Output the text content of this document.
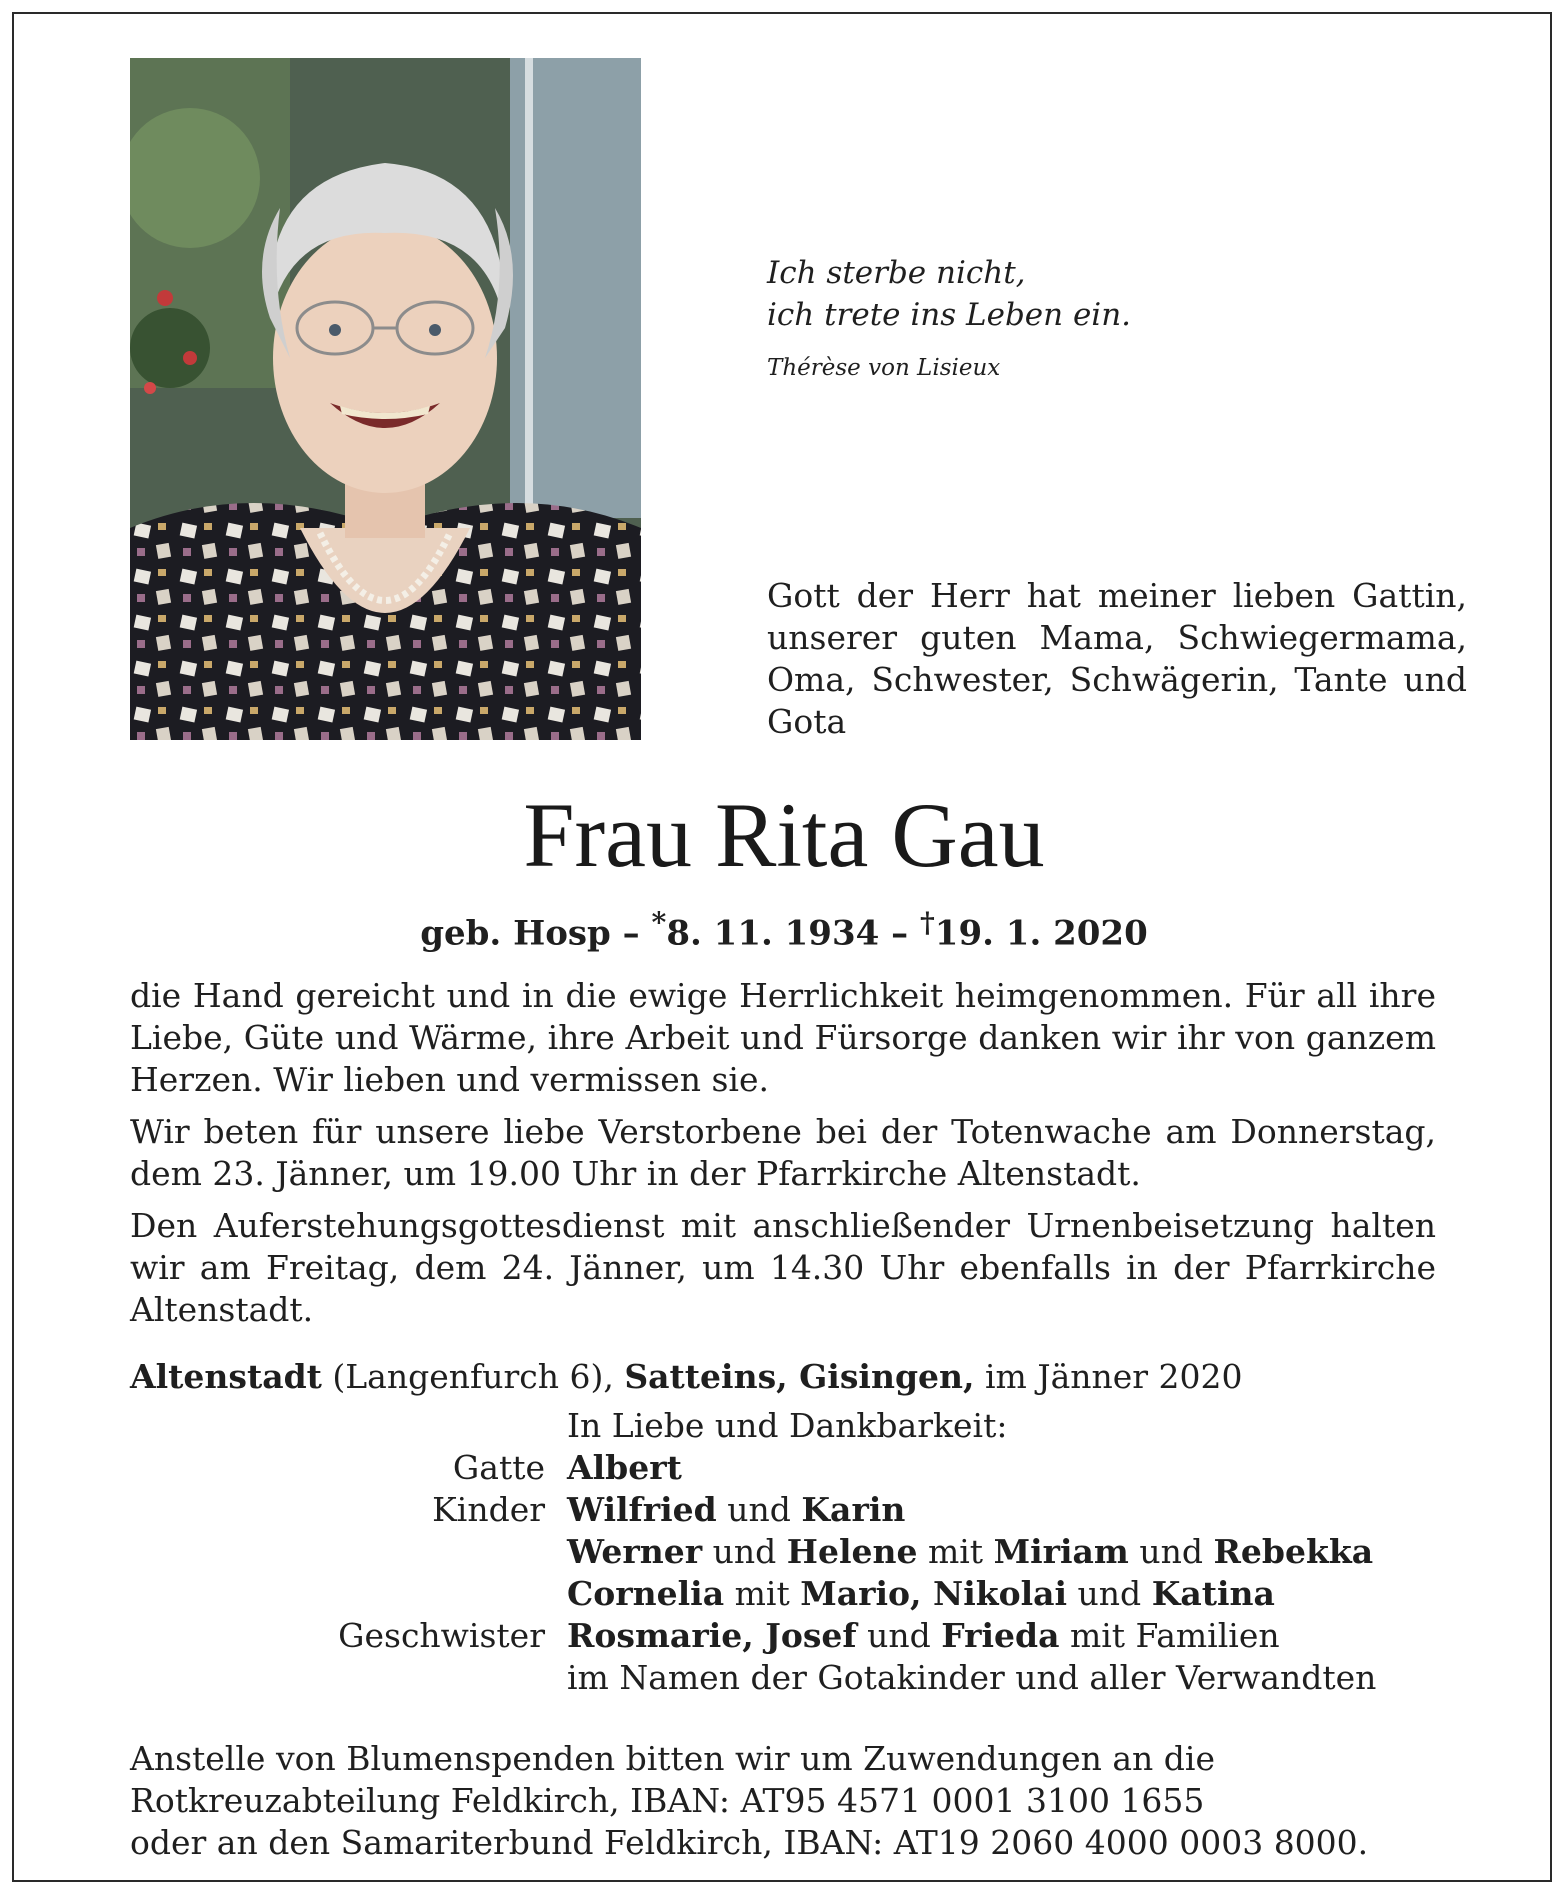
Ich sterbe nicht,
ich trete ins Leben ein.
Thérèse von Lisieux
Gott der Herr hat meiner lieben Gattin, unserer guten Mama, Schwiegermama, Oma, Schwester, Schwägerin, Tante und Gota
Frau Rita Gau
geb. Hosp – *8. 11. 1934 – †19. 1. 2020

die Hand gereicht und in die ewige Herrlichkeit heimgenommen. Für all ihre Liebe, Güte und Wärme, ihre Arbeit und Fürsorge danken wir ihr von ganzem Herzen. Wir lieben und vermissen sie.

Wir beten für unsere liebe Verstorbene bei der Totenwache am Donnerstag, dem 23. Jänner, um 19.00 Uhr in der Pfarrkirche Altenstadt.

Den Auferstehungsgottesdienst mit anschließender Urnenbeisetzung halten wir am Freitag, dem 24. Jänner, um 14.30 Uhr ebenfalls in der Pfarrkirche Altenstadt.

Altenstadt (Langenfurch 6), Satteins, Gisingen, im Jänner 2020
In Liebe und Dankbarkeit:
Gatte Albert
Kinder Wilfried und Karin
Werner und Helene mit Miriam und Rebekka
Cornelia mit Mario, Nikolai und Katina
Geschwister Rosmarie, Josef und Frieda mit Familien
im Namen der Gotakinder und aller Verwandten
Anstelle von Blumenspenden bitten wir um Zuwendungen an die
Rotkreuzabteilung Feldkirch, IBAN: AT95 4571 0001 3100 1655
oder an den Samariterbund Feldkirch, IBAN: AT19 2060 4000 0003 8000.
